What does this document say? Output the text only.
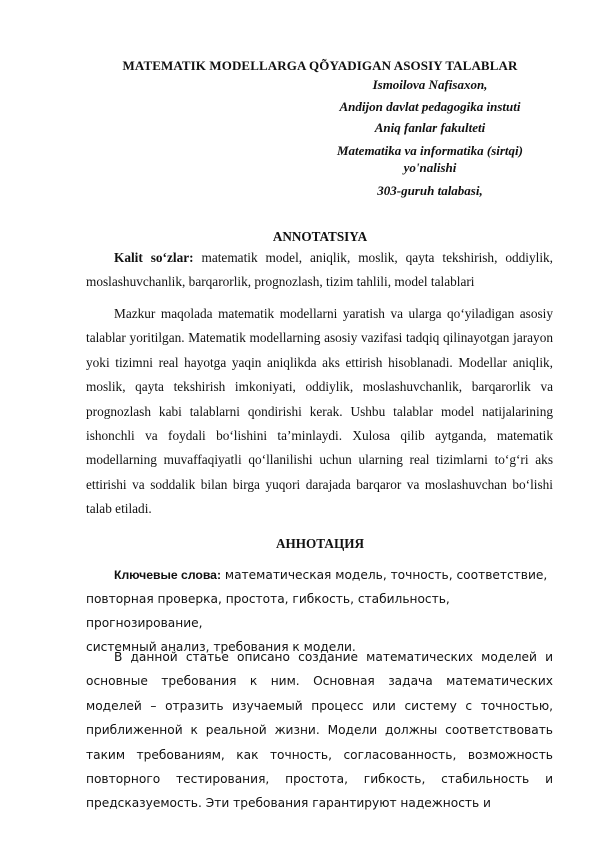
MATEMATIK MODELLARGA QÕYADIGAN ASOSIY TALABLAR
Ismoilova Nafisaxon,
Andijon davlat pedagogika instuti
Aniq fanlar fakulteti
Matematika va informatika (sirtqi)
yo'nalishi
303-guruh talabasi,
ANNOTATSIYA

Kalit so‘zlar: matematik model, aniqlik, moslik, qayta tekshirish, oddiylik, moslashuvchanlik, barqarorlik, prognozlash, tizim tahlili, model talablari

Mazkur maqolada matematik modellarni yaratish va ularga qo‘yiladigan asosiy talablar yoritilgan. Matematik modellarning asosiy vazifasi tadqiq qilinayotgan jarayon yoki tizimni real hayotga yaqin aniqlikda aks ettirish hisoblanadi. Modellar aniqlik, moslik, qayta tekshirish imkoniyati, oddiylik, moslashuvchanlik, barqarorlik va prognozlash kabi talablarni qondirishi kerak. Ushbu talablar model natijalarining ishonchli va foydali bo‘lishini ta’minlaydi. Xulosa qilib aytganda, matematik modellarning muvaffaqiyatli qo‘llanilishi uchun ularning real tizimlarni to‘g‘ri aks ettirishi va soddalik bilan birga yuqori darajada barqaror va moslashuvchan bo‘lishi talab etiladi.

АННОТАЦИЯ
Ключевые слова: математическая модель, точность, соответствие,
повторная проверка, простота, гибкость, стабильность, прогнозирование,
системный анализ, требования к модели.

В данной статье описано создание математических моделей и основные требования к ним. Основная задача математических моделей – отразить изучаемый процесс или систему с точностью, приближенной к реальной жизни. Модели должны соответствовать таким требованиям, как точность, согласованность, возможность повторного тестирования, простота, гибкость, стабильность и предсказуемость. Эти требования гарантируют надежность и
